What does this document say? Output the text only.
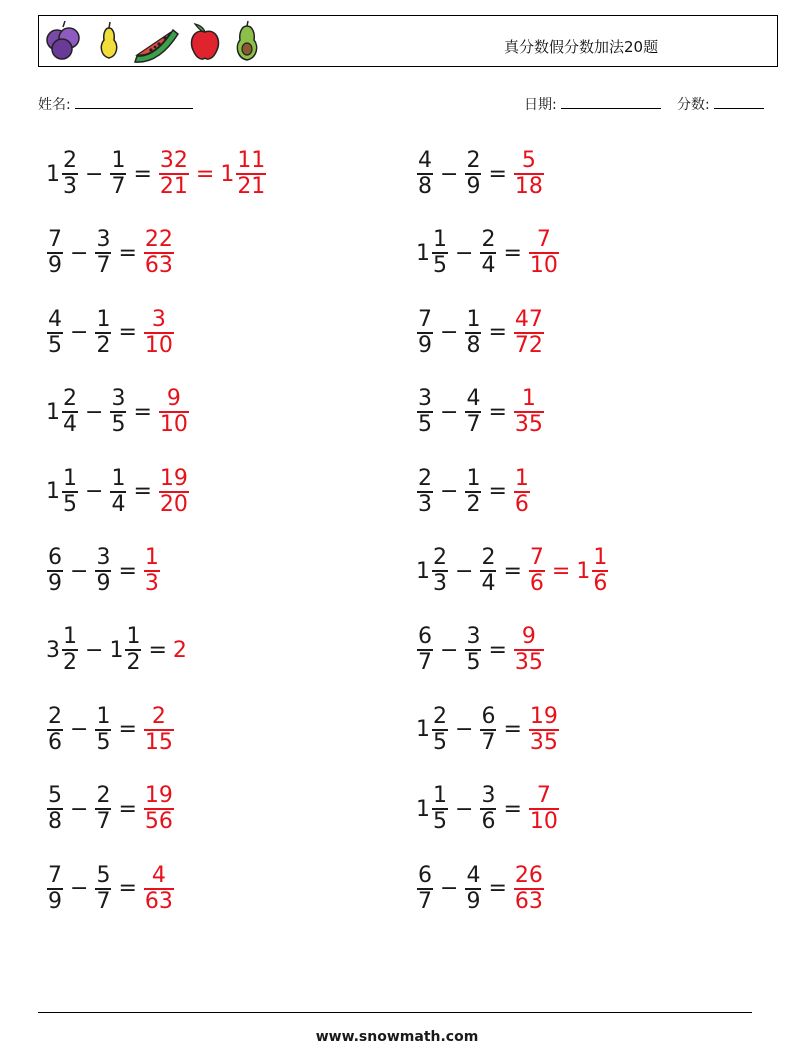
真分数假分数加法20题
姓名:	日期:	分数:
$1 \frac{2}{3} - \frac{1}{7} = \frac{32}{21} = 1 \frac{11}{21}$	$\frac{4}{8} - \frac{2}{9} = \frac{5}{18}$
$\frac{7}{9} - \frac{3}{7} = \frac{22}{63}$	$1 \frac{1}{5} - \frac{2}{4} = \frac{7}{10}$
$\frac{4}{5} - \frac{1}{2} = \frac{3}{10}$	$\frac{7}{9} - \frac{1}{8} = \frac{47}{72}$
$1 \frac{2}{4} - \frac{3}{5} = \frac{9}{10}$	$\frac{3}{5} - \frac{4}{7} = \frac{1}{35}$
$1 \frac{1}{5} - \frac{1}{4} = \frac{19}{20}$	$\frac{2}{3} - \frac{1}{2} = \frac{1}{6}$
$\frac{6}{9} - \frac{3}{9} = \frac{1}{3}$	$1 \frac{2}{3} - \frac{2}{4} = \frac{7}{6} = 1 \frac{1}{6}$
$3 \frac{1}{2} - 1 \frac{1}{2} = 2$	$\frac{6}{7} - \frac{3}{5} = \frac{9}{35}$
$\frac{2}{6} - \frac{1}{5} = \frac{2}{15}$	$1 \frac{2}{5} - \frac{6}{7} = \frac{19}{35}$
$\frac{5}{8} - \frac{2}{7} = \frac{19}{56}$	$1 \frac{1}{5} - \frac{3}{6} = \frac{7}{10}$
$\frac{7}{9} - \frac{5}{7} = \frac{4}{63}$	$\frac{6}{7} - \frac{4}{9} = \frac{26}{63}$
www.snowmath.com
